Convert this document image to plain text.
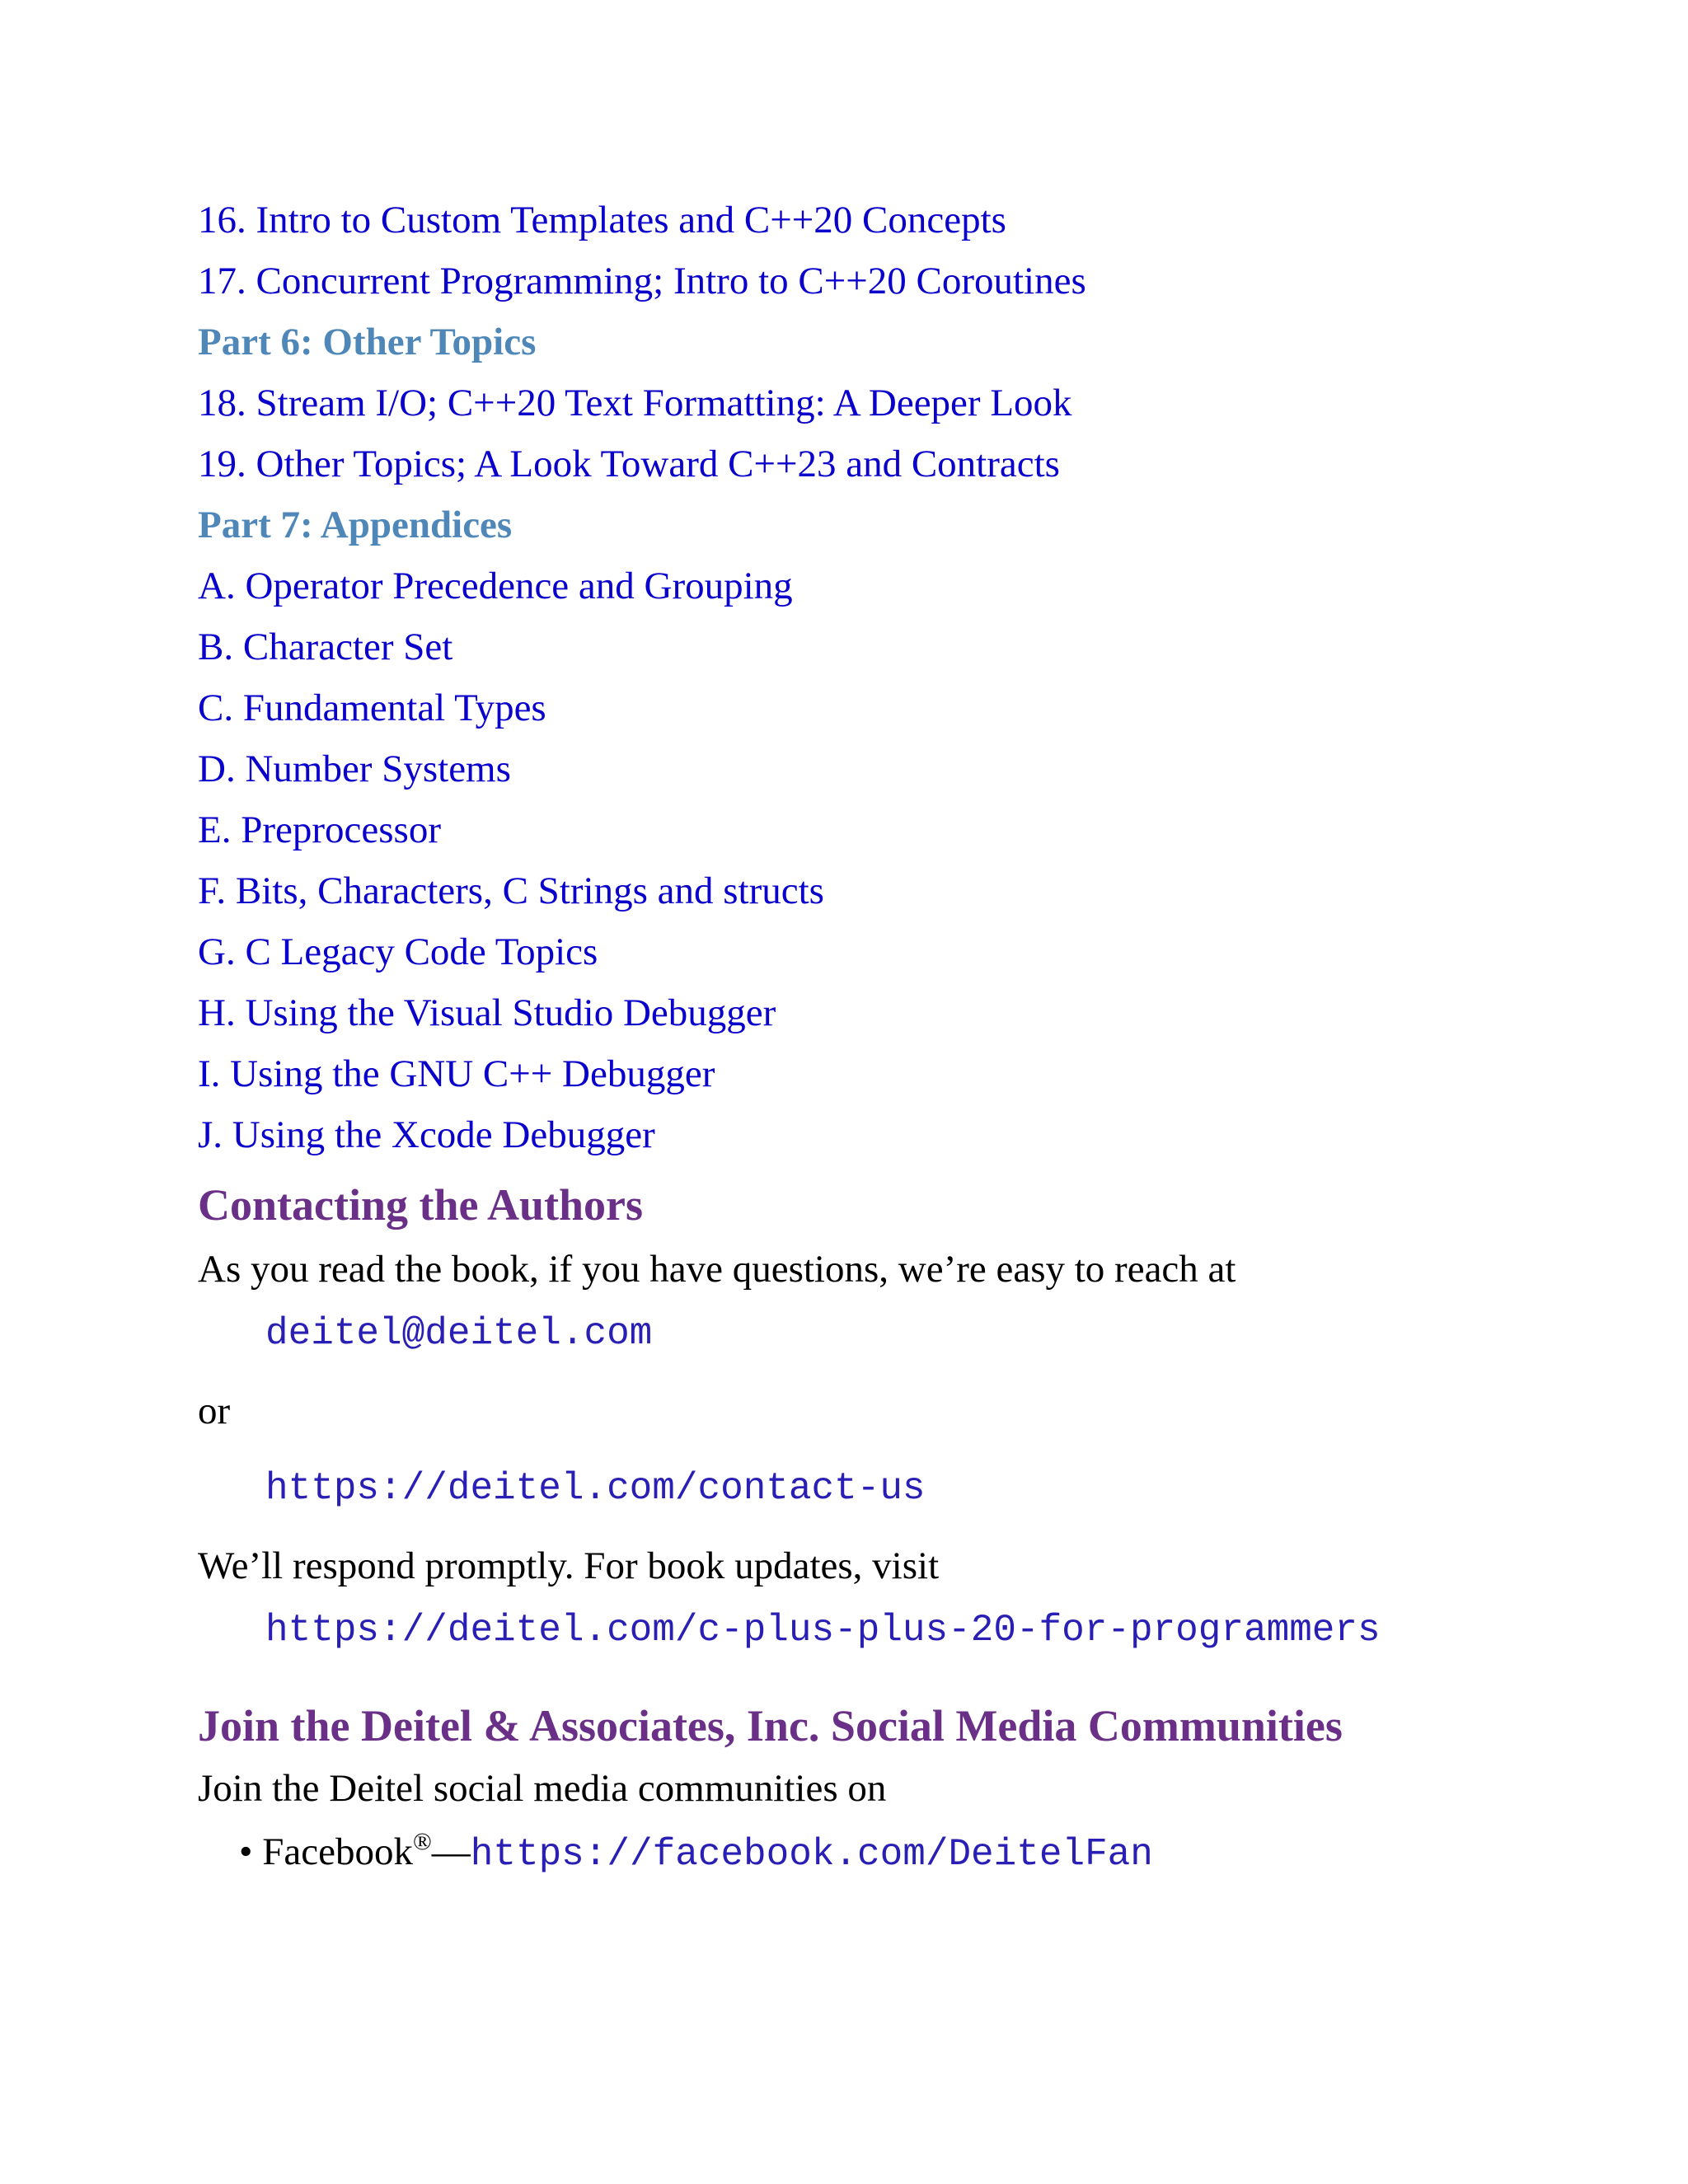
16. Intro to Custom Templates and C++20 Concepts
17. Concurrent Programming; Intro to C++20 Coroutines
Part 6: Other Topics
18. Stream I/O; C++20 Text Formatting: A Deeper Look
19. Other Topics; A Look Toward C++23 and Contracts
Part 7: Appendices
A. Operator Precedence and Grouping
B. Character Set
C. Fundamental Types
D. Number Systems
E. Preprocessor
F. Bits, Characters, C Strings and structs
G. C Legacy Code Topics
H. Using the Visual Studio Debugger
I. Using the GNU C++ Debugger
J. Using the Xcode Debugger
Contacting the Authors

As you read the book, if you have questions, we’re easy to reach at

deitel@deitel.com

or

https://deitel.com/contact-us

We’ll respond promptly. For book updates, visit

https://deitel.com/c-plus-plus-20-for-programmers
Join the Deitel & Associates, Inc. Social Media Communities

Join the Deitel social media communities on

• Facebook®—https://facebook.com/DeitelFan
